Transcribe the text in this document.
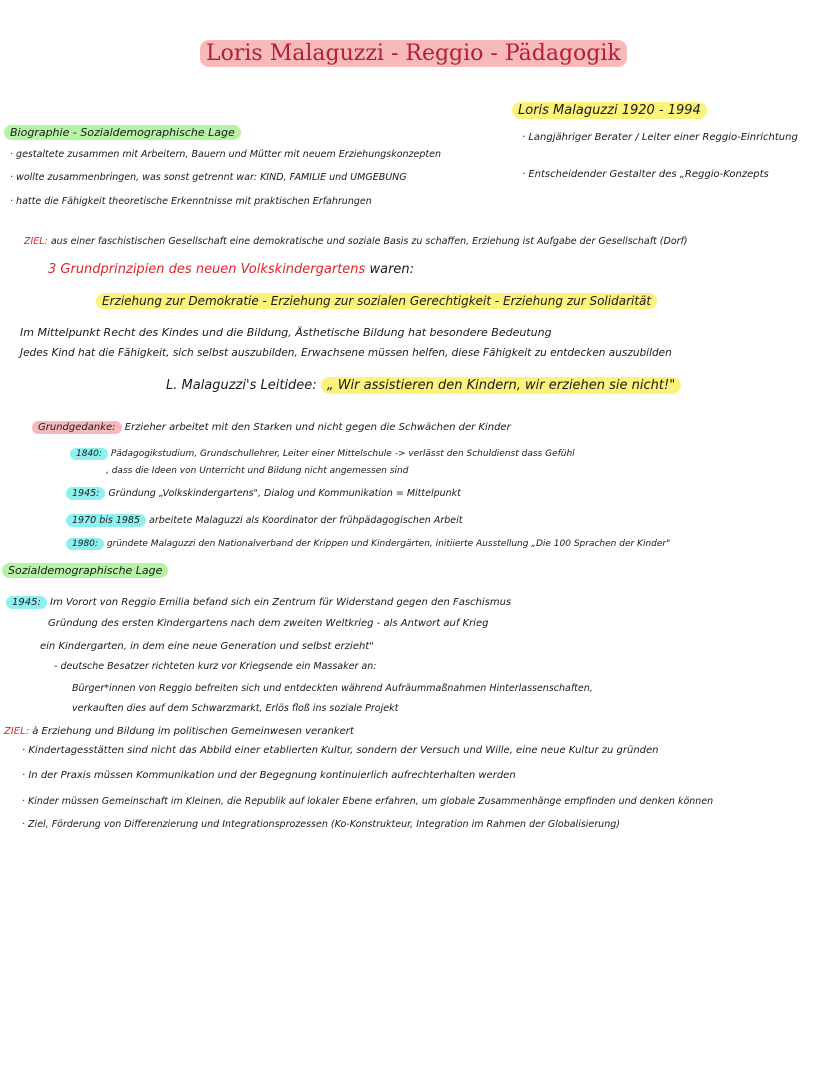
Loris Malaguzzi - Reggio - Pädagogik
Loris Malaguzzi 1920 - 1994
· Langjähriger Berater / Leiter einer Reggio-Einrichtung
· Entscheidender Gestalter des „Reggio-Konzepts
Biographie - Sozialdemographische Lage
· gestaltete zusammen mit Arbeitern, Bauern und Mütter mit neuem Erziehungskonzepten
· wollte zusammenbringen, was sonst getrennt war: KIND, FAMILIE und UMGEBUNG
· hatte die Fähigkeit theoretische Erkenntnisse mit praktischen Erfahrungen
ZIEL: aus einer faschistischen Gesellschaft eine demokratische und soziale Basis zu schaffen, Erziehung ist Aufgabe der Gesellschaft (Dorf)
3 Grundprinzipien des neuen Volkskindergartens waren:
Erziehung zur Demokratie - Erziehung zur sozialen Gerechtigkeit - Erziehung zur Solidarität
Im Mittelpunkt Recht des Kindes und die Bildung, Ästhetische Bildung hat besondere Bedeutung
Jedes Kind hat die Fähigkeit, sich selbst auszubilden, Erwachsene müssen helfen, diese Fähigkeit zu entdecken auszubilden
L. Malaguzzi's Leitidee: „ Wir assistieren den Kindern, wir erziehen sie nicht!"
Grundgedanke: Erzieher arbeitet mit den Starken und nicht gegen die Schwächen der Kinder
1840: Pädagogikstudium, Grundschullehrer, Leiter einer Mittelschule -> verlässt den Schuldienst dass Gefühl
, dass die Ideen von Unterricht und Bildung nicht angemessen sind
1945: Gründung „Volkskindergartens", Dialog und Kommunikation = Mittelpunkt
1970 bis 1985 arbeitete Malaguzzi als Koordinator der frühpädagogischen Arbeit
1980: gründete Malaguzzi den Nationalverband der Krippen und Kindergärten, initiierte Ausstellung „Die 100 Sprachen der Kinder"
Sozialdemographische Lage
1945: Im Vorort von Reggio Emilia befand sich ein Zentrum für Widerstand gegen den Faschismus
Gründung des ersten Kindergartens nach dem zweiten Weltkrieg - als Antwort auf Krieg
ein Kindergarten, in dem eine neue Generation und selbst erzieht"
- deutsche Besatzer richteten kurz vor Kriegsende ein Massaker an:
Bürger*innen von Reggio befreiten sich und entdeckten während Aufräummaßnahmen Hinterlassenschaften,
verkauften dies auf dem Schwarzmarkt, Erlös floß ins soziale Projekt
ZIEL: à Erziehung und Bildung im politischen Gemeinwesen verankert
· Kindertagesstätten sind nicht das Abbild einer etablierten Kultur, sondern der Versuch und Wille, eine neue Kultur zu gründen
· In der Praxis müssen Kommunikation und der Begegnung kontinuierlich aufrechterhalten werden
· Kinder müssen Gemeinschaft im Kleinen, die Republik auf lokaler Ebene erfahren, um globale Zusammenhänge empfinden und denken können
· Ziel, Förderung von Differenzierung und Integrationsprozessen (Ko-Konstrukteur, Integration im Rahmen der Globalisierung)
